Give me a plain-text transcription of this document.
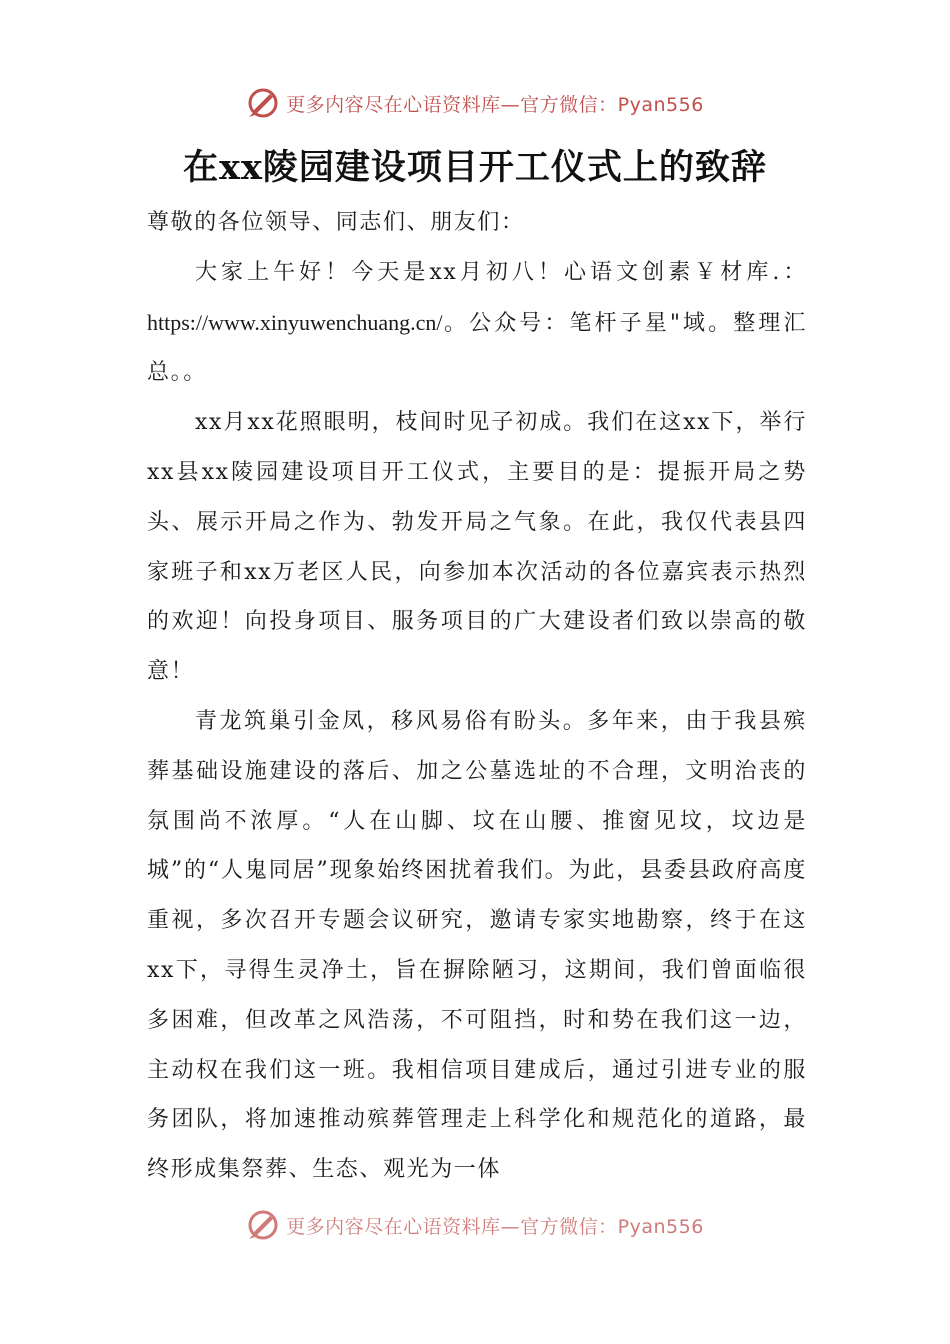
更多内容尽在心语资料库—官方微信：Pyan556
在xx陵园建设项目开工仪式上的致辞

尊敬的各位领导、同志们、朋友们：

大家上午好！今天是xx月初八！心语文创素￥材库.：https://www.xinyuwenchuang.cn/。公众号：笔杆子星"域。整理汇总。。

xx月xx花照眼明，枝间时见子初成。我们在这xx下，举行xx县xx陵园建设项目开工仪式，主要目的是：提振开局之势头、展示开局之作为、勃发开局之气象。在此，我仅代表县四家班子和xx万老区人民，向参加本次活动的各位嘉宾表示热烈的欢迎！向投身项目、服务项目的广大建设者们致以崇高的敬意！

青龙筑巢引金凤，移风易俗有盼头。多年来，由于我县殡葬基础设施建设的落后、加之公墓选址的不合理，文明治丧的氛围尚不浓厚。“人在山脚、坟在山腰、推窗见坟，坟边是城”的“人鬼同居”现象始终困扰着我们。为此，县委县政府高度重视，多次召开专题会议研究，邀请专家实地勘察，终于在这xx下，寻得生灵净土，旨在摒除陋习，这期间，我们曾面临很多困难，但改革之风浩荡，不可阻挡，时和势在我们这一边，主动权在我们这一班。我相信项目建成后，通过引进专业的服务团队，将加速推动殡葬管理走上科学化和规范化的道路，最终形成集祭葬、生态、观光为一体

更多内容尽在心语资料库—官方微信：Pyan556
